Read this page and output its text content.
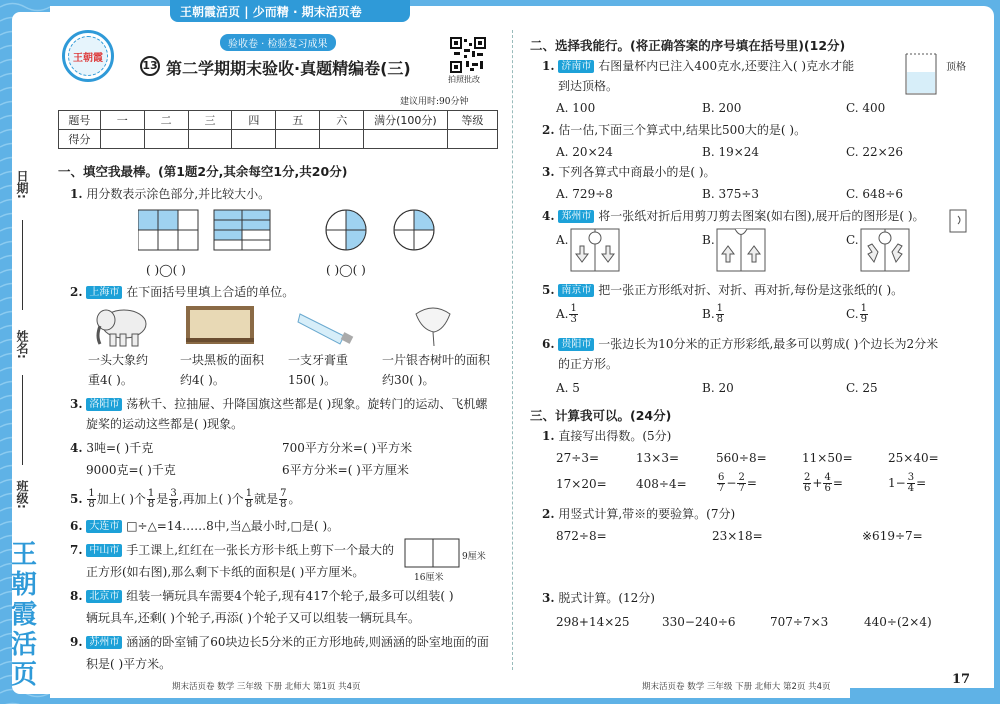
王朝霞活页 | 少而精 · 期末活页卷
日期:
姓名:
班级:
王
朝
霞
活
页
王朝霞
验收卷 · 检验复习成果
13 第二学期期末验收·真题精编卷(三)
拍照批改
建议用时:90分钟
题号	一	二	三	四	五	六	满分(100分)	等级
得分								
一、填空我最棒。(第1题2分,其余每空1分,共20分)
1. 用分数表示涂色部分,并比较大小。
( )◯( )	( )◯( )
2. 上海市 在下面括号里填上合适的单位。
一头大象约
重4( )。
一块黑板的面积
约4( )。
一支牙膏重
150( )。
一片银杏树叶的面积
约30( )。
3. 洛阳市 荡秋千、拉抽屉、升降国旗这些都是( )现象。旋转门的运动、飞机螺
旋桨的运动这些都是( )现象。
4. 3吨=( )千克	700平方分米=( )平方米
9000克=( )千克	6平方分米=( )平方厘米
5. $\frac{1}{8}$ 加上( )个 $\frac{1}{8}$ 是 $\frac{3}{8}$ ,再加上( )个 $\frac{1}{8}$ 就是 $\frac{7}{8}$ 。
6. 大连市 □÷△=14……8中,当△最小时,□是( )。
7. 中山市 手工课上,红红在一张长方形卡纸上剪下一个最大的
正方形(如右图),那么剩下卡纸的面积是( )平方厘米。
9厘米
16厘米
8. 北京市 组装一辆玩具车需要4个轮子,现有417个轮子,最多可以组装( )
辆玩具车,还剩( )个轮子,再添( )个轮子又可以组装一辆玩具车。
9. 苏州市 涵涵的卧室铺了60块边长5分米的正方形地砖,则涵涵的卧室地面的面
积是( )平方米。
二、选择我能行。(将正确答案的序号填在括号里)(12分)
1. 济南市 右图量杯内已注入400克水,还要注入( )克水才能
到达顶格。
顶格
A. 100	B. 200	C. 400
2. 估一估,下面三个算式中,结果比500大的是( )。
A. 20×24	B. 19×24	C. 22×26
3. 下列各算式中商最小的是( )。
A. 729÷8	B. 375÷3	C. 648÷6
4. 郑州市 将一张纸对折后用剪刀剪去图案(如右图),展开后的图形是( )。
A.	B.	C.
5. 南京市 把一张正方形纸对折、对折、再对折,每份是这张纸的( )。
A. $\frac{1}{3}$	B. $\frac{1}{8}$	C. $\frac{1}{9}$
6. 贵阳市 一张边长为10分米的正方形彩纸,最多可以剪成( )个边长为2分米
的正方形。
A. 5	B. 20	C. 25
三、计算我可以。(24分)
1. 直接写出得数。(5分)
27÷3=	13×3=	560÷8=	11×50=	25×40=
17×20= 408÷4=	$\frac{6}{7} - \frac{2}{7}$ =	$\frac{2}{6} + \frac{4}{6}$ =	$1- \frac{3}{4}$ =
2. 用竖式计算,带※的要验算。(7分)
872÷8=	23×18=	※619÷7=
3. 脱式计算。(12分)
298+14×25	330−240÷6	707÷7×3	440÷(2×4)
期末活页卷 数学 三年级 下册 北师大 第1页 共4页	期末活页卷 数学 三年级 下册 北师大 第2页 共4页	17
